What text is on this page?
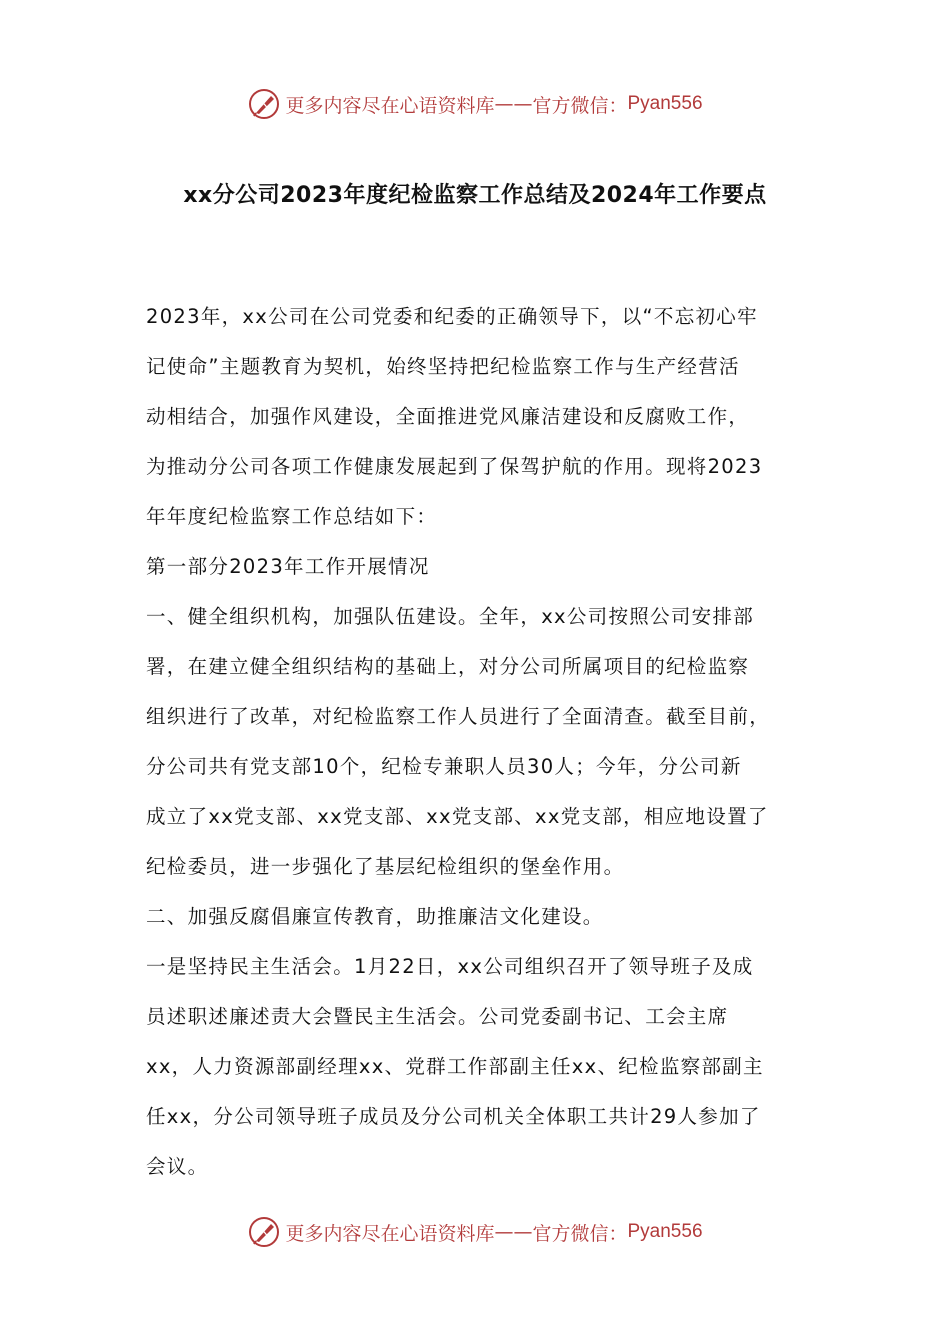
更多内容尽在心语资料库 —— 官方微信： Pyan556
xx分公司2023年度纪检监察工作总结及2024年工作要点
2023年，xx公司在公司党委和纪委的正确领导下，以“不忘初心牢
记使命”主题教育为契机，始终坚持把纪检监察工作与生产经营活
动相结合，加强作风建设，全面推进党风廉洁建设和反腐败工作，
为推动分公司各项工作健康发展起到了保驾护航的作用。现将2023
年年度纪检监察工作总结如下：
第一部分2023年工作开展情况
一、健全组织机构，加强队伍建设。全年，xx公司按照公司安排部
署，在建立健全组织结构的基础上，对分公司所属项目的纪检监察
组织进行了改革，对纪检监察工作人员进行了全面清查。截至目前，
分公司共有党支部10个，纪检专兼职人员30人；今年，分公司新
成立了xx党支部、xx党支部、xx党支部、xx党支部，相应地设置了
纪检委员，进一步强化了基层纪检组织的堡垒作用。
二、加强反腐倡廉宣传教育，助推廉洁文化建设。
一是坚持民主生活会。1月22日，xx公司组织召开了领导班子及成
员述职述廉述责大会暨民主生活会。公司党委副书记、工会主席
xx，人力资源部副经理xx、党群工作部副主任xx、纪检监察部副主
任xx，分公司领导班子成员及分公司机关全体职工共计29人参加了
会议。
更多内容尽在心语资料库 —— 官方微信： Pyan556
